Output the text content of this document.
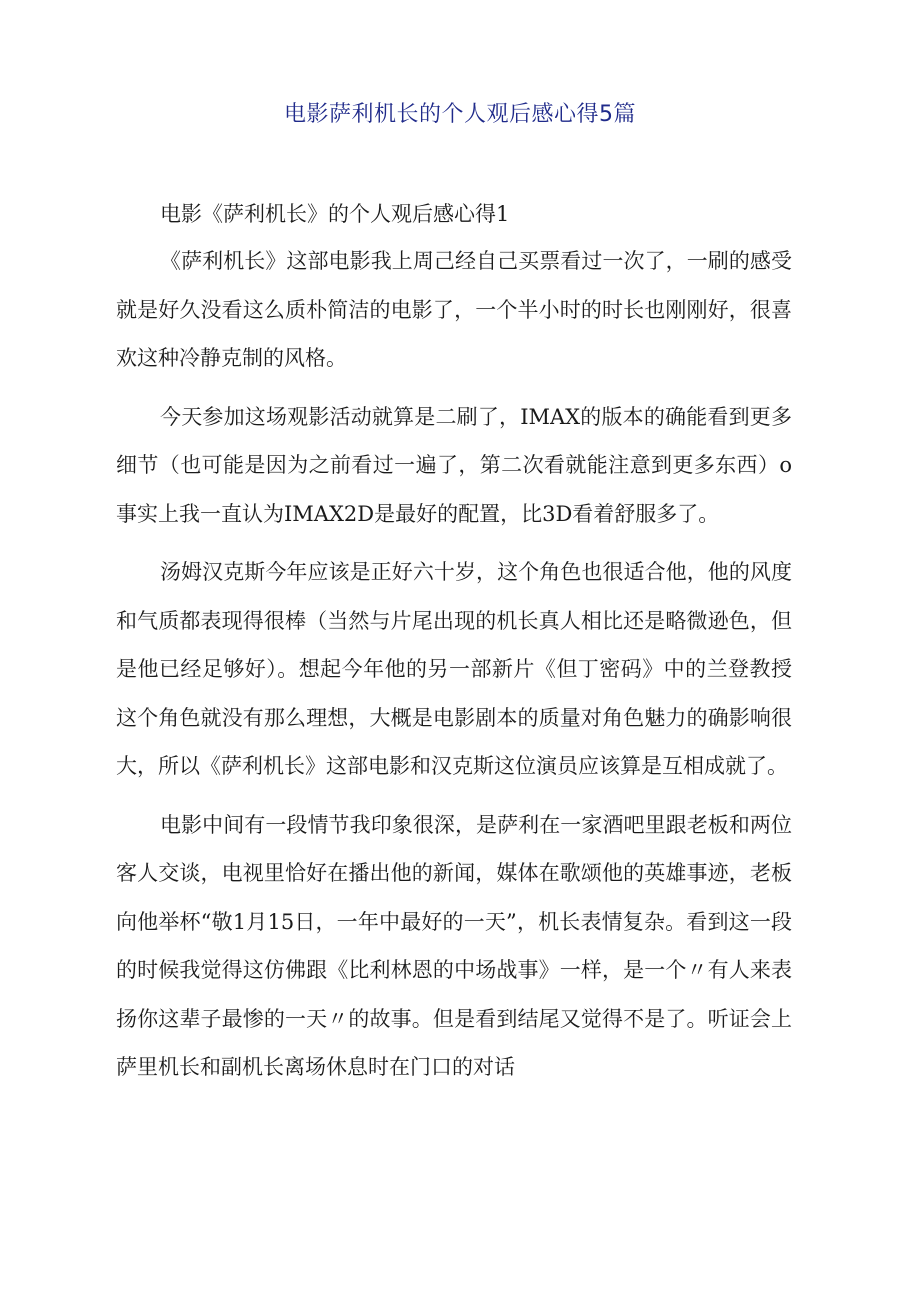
电影萨利机长的个人观后感心得5篇
电影《萨利机长》的个人观后感心得1

《萨利机长》这部电影我上周己经自己买票看过一次了，一刷的感受就是好久没看这么质朴简洁的电影了，一个半小时的时长也刚刚好，很喜欢这种冷静克制的风格。

今天参加这场观影活动就算是二刷了，IMAX的版本的确能看到更多细节（也可能是因为之前看过一遍了，第二次看就能注意到更多东西）o事实上我一直认为IMAX2D是最好的配置，比3D看着舒服多了。

汤姆汉克斯今年应该是正好六十岁，这个角色也很适合他，他的风度和气质都表现得很棒（当然与片尾出现的机长真人相比还是略微逊色，但是他已经足够好）。想起今年他的另一部新片《但丁密码》中的兰登教授这个角色就没有那么理想，大概是电影剧本的质量对角色魅力的确影响很大，所以《萨利机长》这部电影和汉克斯这位演员应该算是互相成就了。

电影中间有一段情节我印象很深，是萨利在一家酒吧里跟老板和两位客人交谈，电视里恰好在播出他的新闻，媒体在歌颂他的英雄事迹，老板向他举杯“敬1月15日，一年中最好的一天”，机长表情复杂。看到这一段的时候我觉得这仿佛跟《比利林恩的中场战事》一样，是一个〃有人来表扬你这辈子最惨的一天〃的故事。但是看到结尾又觉得不是了。听证会上萨里机长和副机长离场休息时在门口的对话
